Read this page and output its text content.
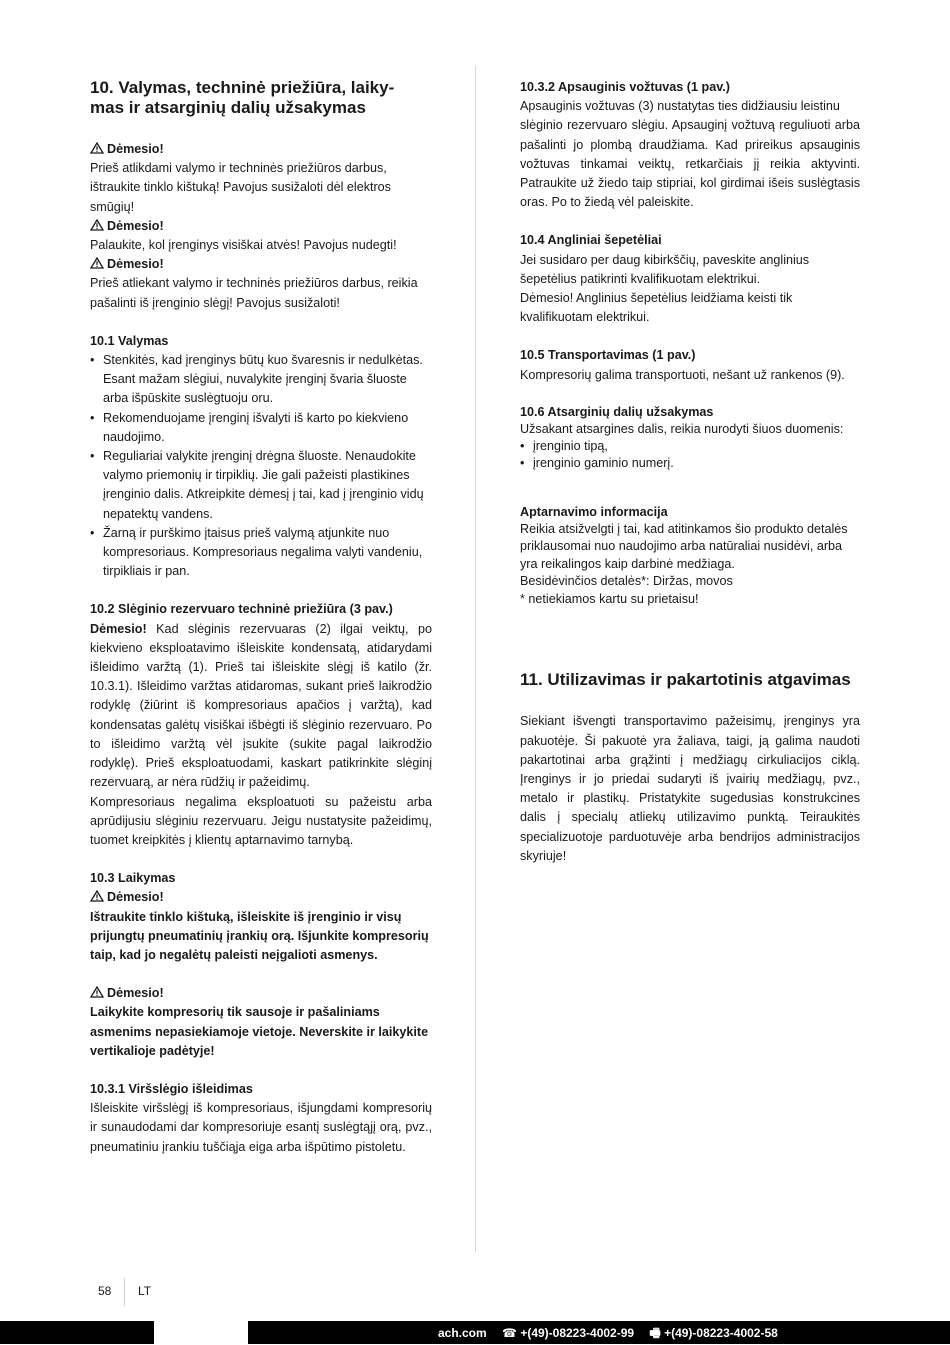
10. Valymas, techninė priežiūra, laiky-
mas ir atsarginių dalių užsakymas

Dėmesio!

Prieš atlikdami valymo ir techninės priežiūros darbus, ištraukite tinklo kištuką! Pavojus susižaloti dėl elektros smūgių!

Dėmesio!

Palaukite, kol įrenginys visiškai atvės! Pavojus nudegti!

Dėmesio!

Prieš atliekant valymo ir techninės priežiūros darbus, reikia pašalinti iš įrenginio slėgį! Pavojus susižaloti!

10.1 Valymas
• Stenkitės, kad įrenginys būtų kuo švaresnis ir nedulkėtas. Esant mažam slėgiui, nuvalykite įrenginį švaria šluoste arba išpūskite suslėgtuoju oru.
• Rekomenduojame įrenginį išvalyti iš karto po kiekvieno naudojimo.
• Reguliariai valykite įrenginį drėgna šluoste. Nenaudokite valymo priemonių ir tirpiklių. Jie gali pažeisti plastikines įrenginio dalis. Atkreipkite dėmesį į tai, kad į įrenginio vidų nepatektų vandens.
• Žarną ir purškimo įtaisus prieš valymą atjunkite nuo kompresoriaus. Kompresoriaus negalima valyti vandeniu, tirpikliais ir pan.
10.2 Slėginio rezervuaro techninė priežiūra (3 pav.)

Dėmesio! Kad slėginis rezervuaras (2) ilgai veiktų, po kiekvieno eksploatavimo išleiskite kondensatą, atidarydami išleidimo varžtą (1). Prieš tai išleiskite slėgį iš katilo (žr. 10.3.1). Išleidimo varžtas atidaromas, sukant prieš laikrodžio rodyklę (žiūrint iš kompresoriaus apačios į varžtą), kad kondensatas galėtų visiškai išbėgti iš slėginio rezervuaro. Po to išleidimo varžtą vėl įsukite (sukite pagal laikrodžio rodyklę). Prieš eksploatuodami, kaskart patikrinkite slėginį rezervuarą, ar nėra rūdžių ir pažeidimų.

Kompresoriaus negalima eksploatuoti su pažeistu arba aprūdijusiu slėginiu rezervuaru. Jeigu nustatysite pažeidimų, tuomet kreipkitės į klientų aptarnavimo tarnybą.

10.3 Laikymas

Dėmesio!

Ištraukite tinklo kištuką, išleiskite iš įrenginio ir visų prijungtų pneumatinių įrankių orą. Išjunkite kompresorių taip, kad jo negalėtų paleisti neįgalioti asmenys.

Dėmesio!

Laikykite kompresorių tik sausoje ir pašaliniams asmenims nepasiekiamoje vietoje. Neverskite ir laikykite vertikalioje padėtyje!

10.3.1 Viršslėgio išleidimas

Išleiskite viršslėgį iš kompresoriaus, išjungdami kompresorių ir sunaudodami dar kompresoriuje esantį suslėgtąjį orą, pvz., pneumatiniu įrankiu tuščiąja eiga arba išpūtimo pistoletu.

10.3.2 Apsauginis vožtuvas (1 pav.)

Apsauginis vožtuvas (3) nustatytas ties didžiausiu leistinu

slėginio rezervuaro slėgiu. Apsauginį vožtuvą reguliuoti arba pašalinti jo plombą draudžiama. Kad prireikus apsauginis vožtuvas tinkamai veiktų, retkarčiais jį reikia aktyvinti. Patraukite už žiedo taip stipriai, kol girdimai išeis suslėgtasis oras. Po to žiedą vėl paleiskite.

10.4 Angliniai šepetėliai

Jei susidaro per daug kibirkščių, paveskite anglinius šepetėlius patikrinti kvalifikuotam elektrikui.

Dėmesio! Anglinius šepetėlius leidžiama keisti tik kvalifikuotam elektrikui.

10.5 Transportavimas (1 pav.)

Kompresorių galima transportuoti, nešant už rankenos (9).

10.6 Atsarginių dalių užsakymas

Užsakant atsargines dalis, reikia nurodyti šiuos duomenis:

• įrenginio tipą,
• įrenginio gaminio numerį.
Aptarnavimo informacija

Reikia atsižvelgti į tai, kad atitinkamos šio produkto detalės priklausomai nuo naudojimo arba natūraliai nusidėvi, arba yra reikalingos kaip darbinė medžiaga.

Besidėvinčios detalės*: Diržas, movos

* netiekiamos kartu su prietaisu!

11. Utilizavimas ir pakartotinis atgavimas

Siekiant išvengti transportavimo pažeisimų, įrenginys yra pakuotėje. Ši pakuotė yra žaliava, taigi, ją galima naudoti pakartotinai arba grąžinti į medžiagų cirkuliacijos ciklą. Įrenginys ir jo priedai sudaryti iš įvairių medžiagų, pvz., metalo ir plastikų. Pristatykite sugedusias konstrukcines dalis į specialų atliekų utilizavimo punktą. Teiraukitės specializuotoje parduotuvėje arba bendrijos administracijos skyriuje!

58 LT
ach.com ☎ +(49)-08223-4002-99 🖷 +(49)-08223-4002-58
